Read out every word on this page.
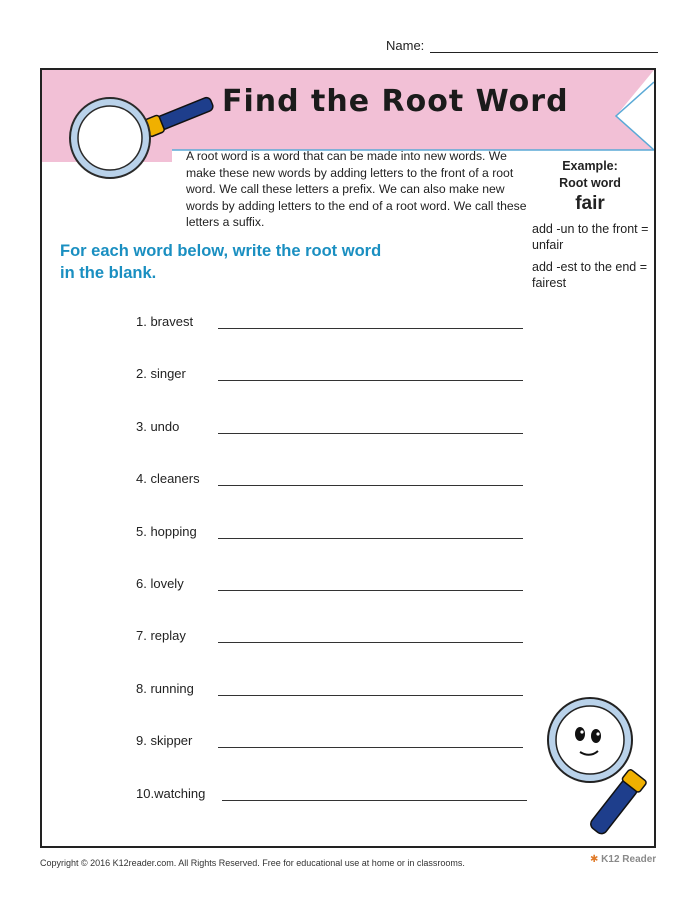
Name:
Find the Root Word
A root word is a word that can be made into new words. We make these new words by adding letters to the front of a root word. We call these letters a prefix. We can also make new words by adding letters to the end of a root word. We call these letters a suffix.
Example:
Root word
fair
add -un to the front = unfair
add -est to the end = fairest
For each word below, write the root word in the blank.
1. bravest
2. singer
3. undo
4. cleaners
5. hopping
6. lovely
7. replay
8. running
9. skipper
10.watching
Copyright © 2016 K12reader.com. All Rights Reserved. Free for educational use at home or in classrooms.	✱ K12 Reader
